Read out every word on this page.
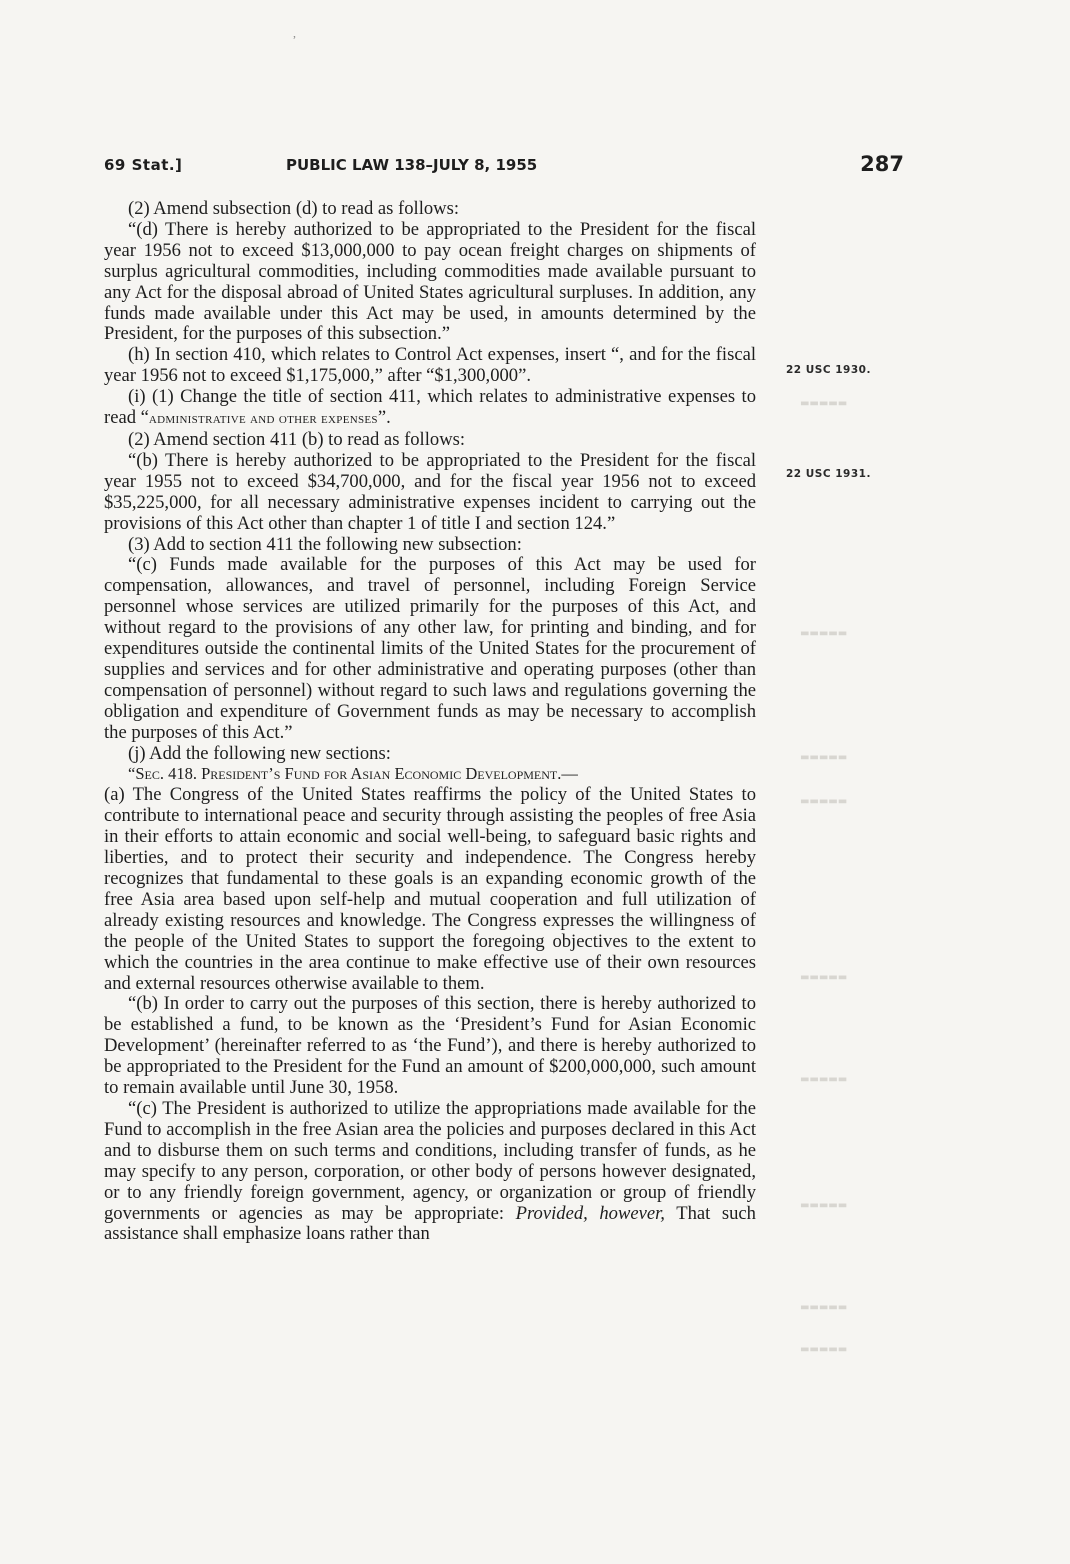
,
69 Stat.]	PUBLIC LAW 138–JULY 8, 1955	287
22 USC 1930.
22 USC 1931.
▬▬▬▬▬
▬▬▬▬▬
▬▬▬▬▬
▬▬▬▬▬
▬▬▬▬▬
▬▬▬▬▬
▬▬▬▬▬
▬▬▬▬▬
▬▬▬▬▬

(2) Amend subsection (d) to read as follows:

“(d) There is hereby authorized to be appropriated to the President for the fiscal year 1956 not to exceed $13,000,000 to pay ocean freight charges on shipments of surplus agricultural commodities, including commodities made available pursuant to any Act for the disposal abroad of United States agricultural surpluses. In addition, any funds made available under this Act may be used, in amounts determined by the President, for the purposes of this subsection.”

(h) In section 410, which relates to Control Act expenses, insert “, and for the fiscal year 1956 not to exceed $1,175,000,” after “$1,300,000”.

(i) (1) Change the title of section 411, which relates to administrative expenses to read “administrative and other expenses”.

(2) Amend section 411 (b) to read as follows:

“(b) There is hereby authorized to be appropriated to the President for the fiscal year 1955 not to exceed $34,700,000, and for the fiscal year 1956 not to exceed $35,225,000, for all necessary administrative expenses incident to carrying out the provisions of this Act other than chapter 1 of title I and section 124.”

(3) Add to section 411 the following new subsection:

“(c) Funds made available for the purposes of this Act may be used for compensation, allowances, and travel of personnel, including Foreign Service personnel whose services are utilized primarily for the purposes of this Act, and without regard to the provisions of any other law, for printing and binding, and for expenditures outside the continental limits of the United States for the procurement of supplies and services and for other administrative and operating purposes (other than compensation of personnel) without regard to such laws and regulations governing the obligation and expenditure of Government funds as may be necessary to accomplish the purposes of this Act.”

(j) Add the following new sections:

“Sec. 418. President’s Fund for Asian Economic Development.—

(a) The Congress of the United States reaffirms the policy of the United States to contribute to international peace and security through assisting the peoples of free Asia in their efforts to attain economic and social well-being, to safeguard basic rights and liberties, and to protect their security and independence. The Congress hereby recognizes that fundamental to these goals is an expanding economic growth of the free Asia area based upon self-help and mutual cooperation and full utilization of already existing resources and knowledge. The Congress expresses the willingness of the people of the United States to support the foregoing objectives to the extent to which the countries in the area continue to make effective use of their own resources and external resources otherwise available to them.

“(b) In order to carry out the purposes of this section, there is hereby authorized to be established a fund, to be known as the ‘President’s Fund for Asian Economic Development’ (hereinafter referred to as ‘the Fund’), and there is hereby authorized to be appropriated to the President for the Fund an amount of $200,000,000, such amount to remain available until June 30, 1958.

“(c) The President is authorized to utilize the appropriations made available for the Fund to accomplish in the free Asian area the policies and purposes declared in this Act and to disburse them on such terms and conditions, including transfer of funds, as he may specify to any person, corporation, or other body of persons however designated, or to any friendly foreign government, agency, or organization or group of friendly governments or agencies as may be appropriate: Provided, however, That such assistance shall emphasize loans rather than
